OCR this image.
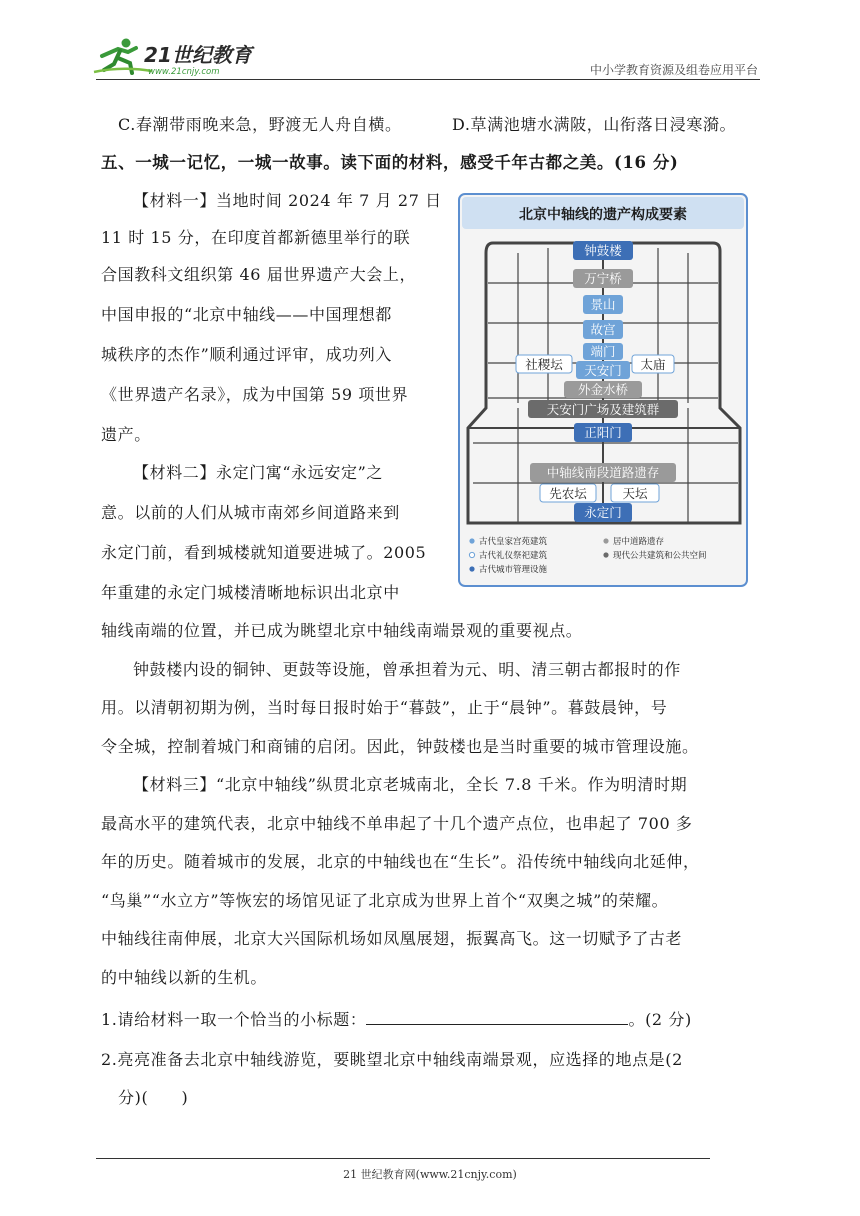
21世纪教育
www.21cnjy.com	中小学教育资源及组卷应用平台
C.春潮带雨晚来急，野渡无人舟自横。	D.草满池塘水满陂，山衔落日浸寒漪。
五、一城一记忆，一城一故事。读下面的材料，感受千年古都之美。(16 分)
【材料一】当地时间 2024 年 7 月 27 日
11 时 15 分，在印度首都新德里举行的联
合国教科文组织第 46 届世界遗产大会上，
中国申报的“北京中轴线——中国理想都
城秩序的杰作”顺利通过评审，成功列入
《世界遗产名录》，成为中国第 59 项世界
遗产。
【材料二】永定门寓“永远安定”之
意。以前的人们从城市南郊乡间道路来到
永定门前，看到城楼就知道要进城了。2005
年重建的永定门城楼清晰地标识出北京中
轴线南端的位置，并已成为眺望北京中轴线南端景观的重要视点。
钟鼓楼内设的铜钟、更鼓等设施，曾承担着为元、明、清三朝古都报时的作
用。以清朝初期为例，当时每日报时始于“暮鼓”，止于“晨钟”。暮鼓晨钟，号
令全城，控制着城门和商铺的启闭。因此，钟鼓楼也是当时重要的城市管理设施。
【材料三】“北京中轴线”纵贯北京老城南北，全长 7.8 千米。作为明清时期
最高水平的建筑代表，北京中轴线不单串起了十几个遗产点位，也串起了 700 多
年的历史。随着城市的发展，北京的中轴线也在“生长”。沿传统中轴线向北延伸，
“鸟巢”“水立方”等恢宏的场馆见证了北京成为世界上首个“双奥之城”的荣耀。
中轴线往南伸展，北京大兴国际机场如凤凰展翅，振翼高飞。这一切赋予了古老
的中轴线以新的生机。
1.请给材料一取一个恰当的小标题：	。(2 分)
2.亮亮准备去北京中轴线游览，要眺望北京中轴线南端景观，应选择的地点是(2
分)(　　)
北京中轴线的遗产构成要素
钟鼓楼
万宁桥
景山
故宫
端门
社稷坛 天安门 太庙
外金水桥
天安门广场及建筑群
正阳门
中轴线南段道路遗存
先农坛	天坛
永定门
古代皇家宫苑建筑
古代礼仪祭祀建筑
古代城市管理设施
居中道路遗存
现代公共建筑和公共空间
21 世纪教育网(www.21cnjy.com)
